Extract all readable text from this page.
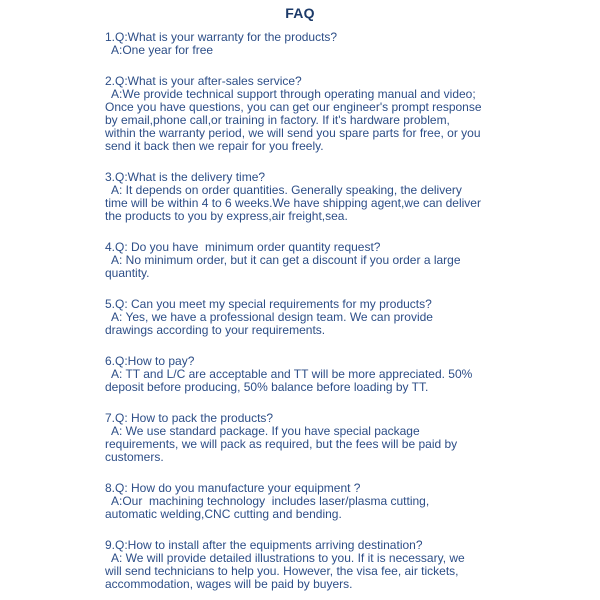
FAQ
1.Q:What is your warranty for the products?
A:One year for free
2.Q:What is your after-sales service?
A:We provide technical support through operating manual and video;
Once you have questions, you can get our engineer's prompt response
by email,phone call,or training in factory. If it's hardware problem,
within the warranty period, we will send you spare parts for free, or you
send it back then we repair for you freely.
3.Q:What is the delivery time?
A: It depends on order quantities. Generally speaking, the delivery
time will be within 4 to 6 weeks.We have shipping agent,we can deliver
the products to you by express,air freight,sea.
4.Q: Do you have  minimum order quantity request?
A: No minimum order, but it can get a discount if you order a large
quantity.
5.Q: Can you meet my special requirements for my products?
A: Yes, we have a professional design team. We can provide
drawings according to your requirements.
6.Q:How to pay?
A: TT and L/C are acceptable and TT will be more appreciated. 50%
deposit before producing, 50% balance before loading by TT.
7.Q: How to pack the products?
A: We use standard package. If you have special package
requirements, we will pack as required, but the fees will be paid by
customers.
8.Q: How do you manufacture your equipment ?
A:Our  machining technology  includes laser/plasma cutting,
automatic welding,CNC cutting and bending.
9.Q:How to install after the equipments arriving destination?
A: We will provide detailed illustrations to you. If it is necessary, we
will send technicians to help you. However, the visa fee, air tickets,
accommodation, wages will be paid by buyers.
